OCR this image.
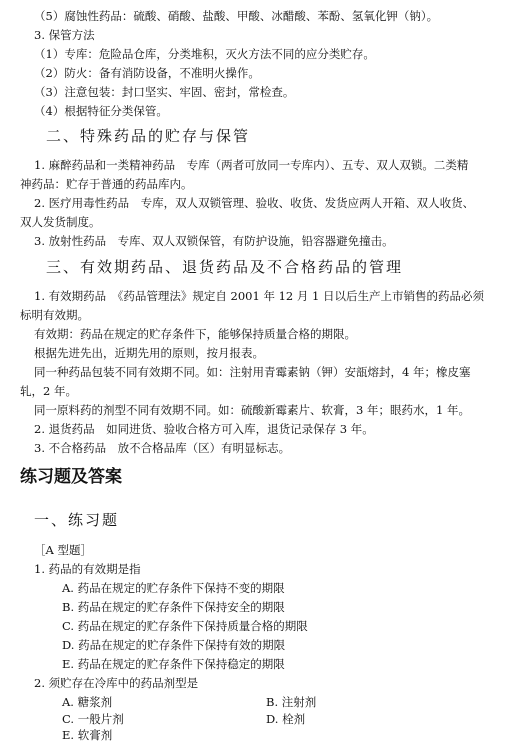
（5）腐蚀性药品：硫酸、硝酸、盐酸、甲酸、冰醋酸、苯酚、氢氧化钾（钠）。
3. 保管方法
（1）专库：危险品仓库，分类堆积，灭火方法不同的应分类贮存。
（2）防火：备有消防设备，不准明火操作。
（3）注意包装：封口坚实、牢固、密封，常检查。
（4）根据特征分类保管。
二、特殊药品的贮存与保管
1. 麻醉药品和一类精神药品　专库（两者可放同一专库内）、五专、双人双锁。二类精
神药品：贮存于普通的药品库内。
2. 医疗用毒性药品　专库，双人双锁管理、验收、收货、发货应两人开箱、双人收货、
双人发货制度。
3. 放射性药品　专库、双人双锁保管，有防护设施，铅容器避免撞击。
三、有效期药品、退货药品及不合格药品的管理
1. 有效期药品　《药品管理法》规定自 2001 年 12 月 1 日以后生产上市销售的药品必须
标明有效期。
有效期：药品在规定的贮存条件下，能够保持质量合格的期限。
根据先进先出，近期先用的原则，按月报表。
同一种药品包装不同有效期不同。如：注射用青霉素钠（钾）安瓿熔封，4 年；橡皮塞
轧，2 年。
同一原料药的剂型不同有效期不同。如：硫酸新霉素片、软膏，3 年；眼药水，1 年。
2. 退货药品　如同进货、验收合格方可入库，退货记录保存 3 年。
3. 不合格药品　放不合格品库（区）有明显标志。
练习题及答案
一、练习题
［A 型题］
1. 药品的有效期是指
A. 药品在规定的贮存条件下保持不变的期限
B. 药品在规定的贮存条件下保持安全的期限
C. 药品在规定的贮存条件下保持质量合格的期限
D. 药品在规定的贮存条件下保持有效的期限
E. 药品在规定的贮存条件下保持稳定的期限
2. 须贮存在冷库中的药品剂型是
A. 糖浆剂	B. 注射剂
C. 一般片剂	D. 栓剂
E. 软膏剂
